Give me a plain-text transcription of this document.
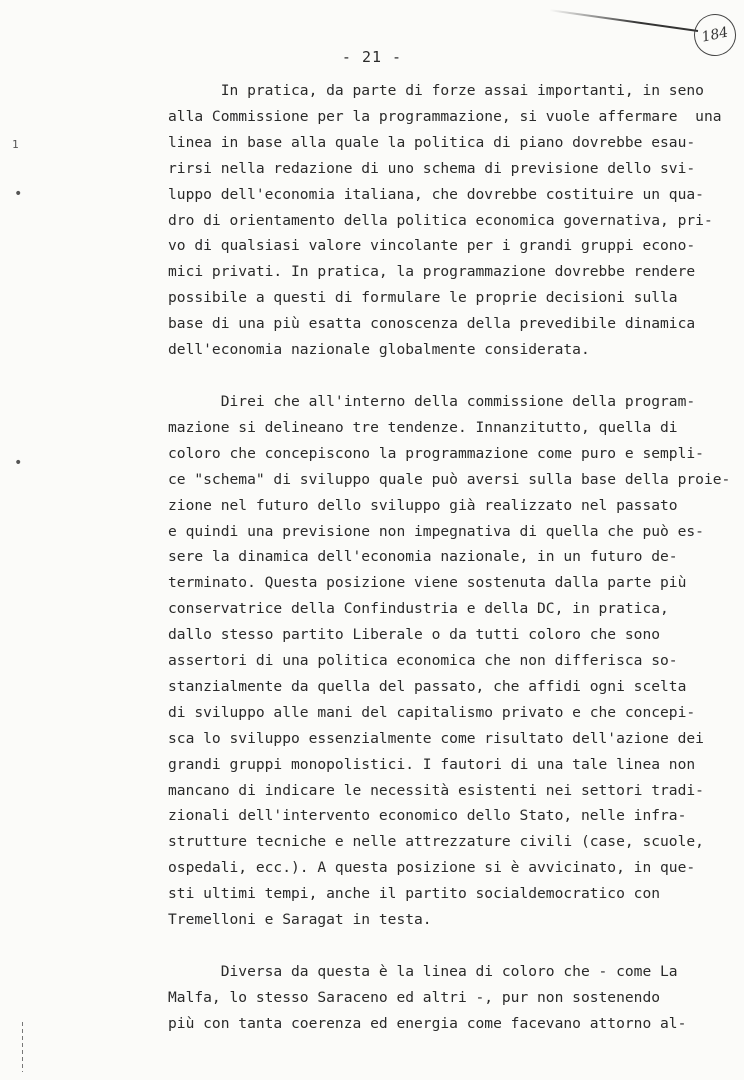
184
- 21 -
1
•
•
In pratica, da parte di forze assai importanti, in seno
alla Commissione per la programmazione, si vuole affermare  una
linea in base alla quale la politica di piano dovrebbe esau-
rirsi nella redazione di uno schema di previsione dello svi-
luppo dell'economia italiana, che dovrebbe costituire un qua-
dro di orientamento della politica economica governativa, pri-
vo di qualsiasi valore vincolante per i grandi gruppi econo-
mici privati. In pratica, la programmazione dovrebbe rendere
possibile a questi di formulare le proprie decisioni sulla
base di una più esatta conoscenza della prevedibile dinamica
dell'economia nazionale globalmente considerata.
Direi che all'interno della commissione della program-
mazione si delineano tre tendenze. Innanzitutto, quella di
coloro che concepiscono la programmazione come puro e sempli-
ce "schema" di sviluppo quale può aversi sulla base della proie-
zione nel futuro dello sviluppo già realizzato nel passato
e quindi una previsione non impegnativa di quella che può es-
sere la dinamica dell'economia nazionale, in un futuro de-
terminato. Questa posizione viene sostenuta dalla parte più
conservatrice della Confindustria e della DC, in pratica,
dallo stesso partito Liberale o da tutti coloro che sono
assertori di una politica economica che non differisca so-
stanzialmente da quella del passato, che affidi ogni scelta
di sviluppo alle mani del capitalismo privato e che concepi-
sca lo sviluppo essenzialmente come risultato dell'azione dei
grandi gruppi monopolistici. I fautori di una tale linea non
mancano di indicare le necessità esistenti nei settori tradi-
zionali dell'intervento economico dello Stato, nelle infra-
strutture tecniche e nelle attrezzature civili (case, scuole,
ospedali, ecc.). A questa posizione si è avvicinato, in que-
sti ultimi tempi, anche il partito socialdemocratico con
Tremelloni e Saragat in testa.
Diversa da questa è la linea di coloro che - come La
Malfa, lo stesso Saraceno ed altri -, pur non sostenendo
più con tanta coerenza ed energia come facevano attorno al-
